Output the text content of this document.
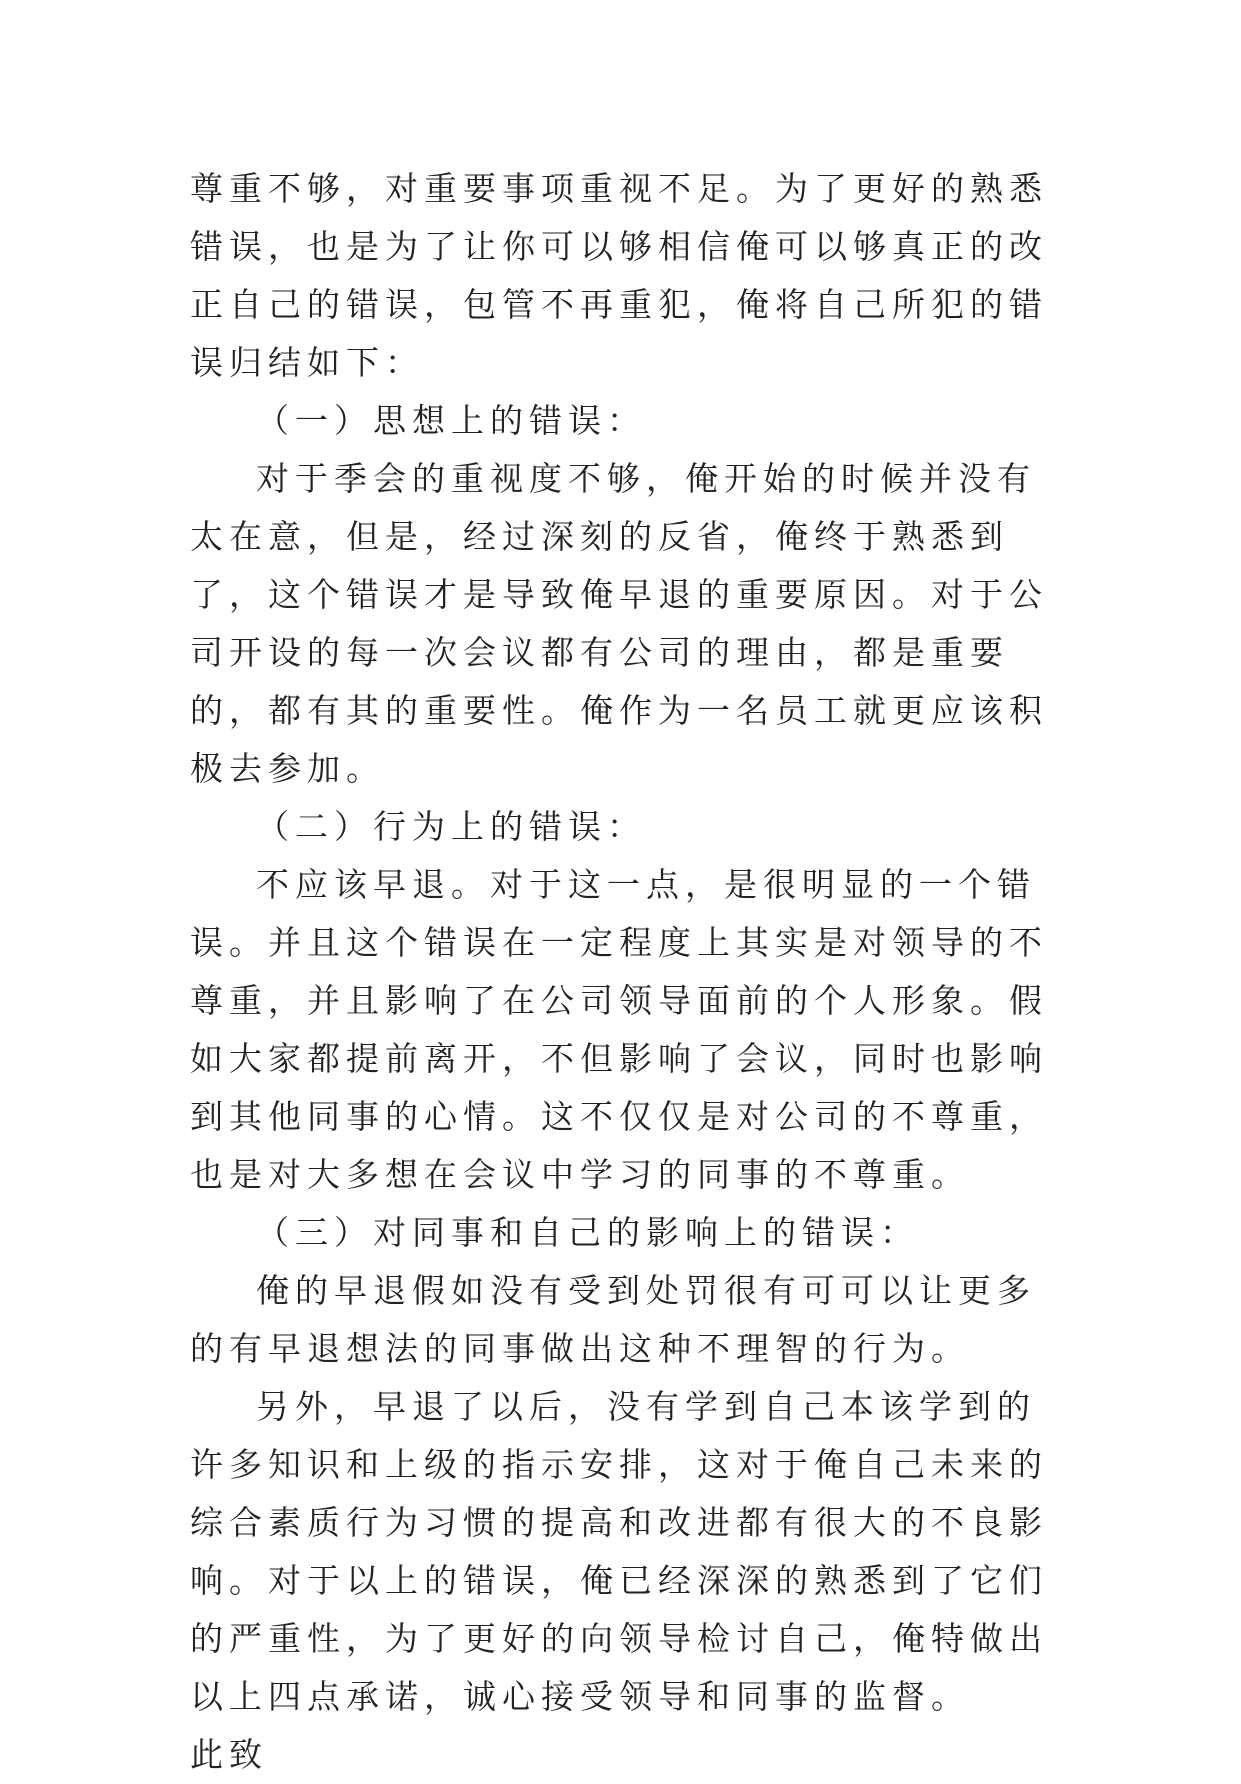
尊重不够，对重要事项重视不足。为了更好的熟悉错误，也是为了让你可以够相信俺可以够真正的改正自己的错误，包管不再重犯，俺将自己所犯的错误归结如下：

（一）思想上的错误：

对于季会的重视度不够，俺开始的时候并没有太在意，但是，经过深刻的反省，俺终于熟悉到了，这个错误才是导致俺早退的重要原因。对于公司开设的每一次会议都有公司的理由，都是重要的，都有其的重要性。俺作为一名员工就更应该积极去参加。

（二）行为上的错误：

不应该早退。对于这一点，是很明显的一个错误。并且这个错误在一定程度上其实是对领导的不尊重，并且影响了在公司领导面前的个人形象。假如大家都提前离开，不但影响了会议，同时也影响到其他同事的心情。这不仅仅是对公司的不尊重，也是对大多想在会议中学习的同事的不尊重。

（三）对同事和自己的影响上的错误：

俺的早退假如没有受到处罚很有可可以让更多的有早退想法的同事做出这种不理智的行为。

另外，早退了以后，没有学到自己本该学到的许多知识和上级的指示安排，这对于俺自己未来的综合素质行为习惯的提高和改进都有很大的不良影响。对于以上的错误，俺已经深深的熟悉到了它们的严重性，为了更好的向领导检讨自己，俺特做出以上四点承诺，诚心接受领导和同事的监督。

此致
